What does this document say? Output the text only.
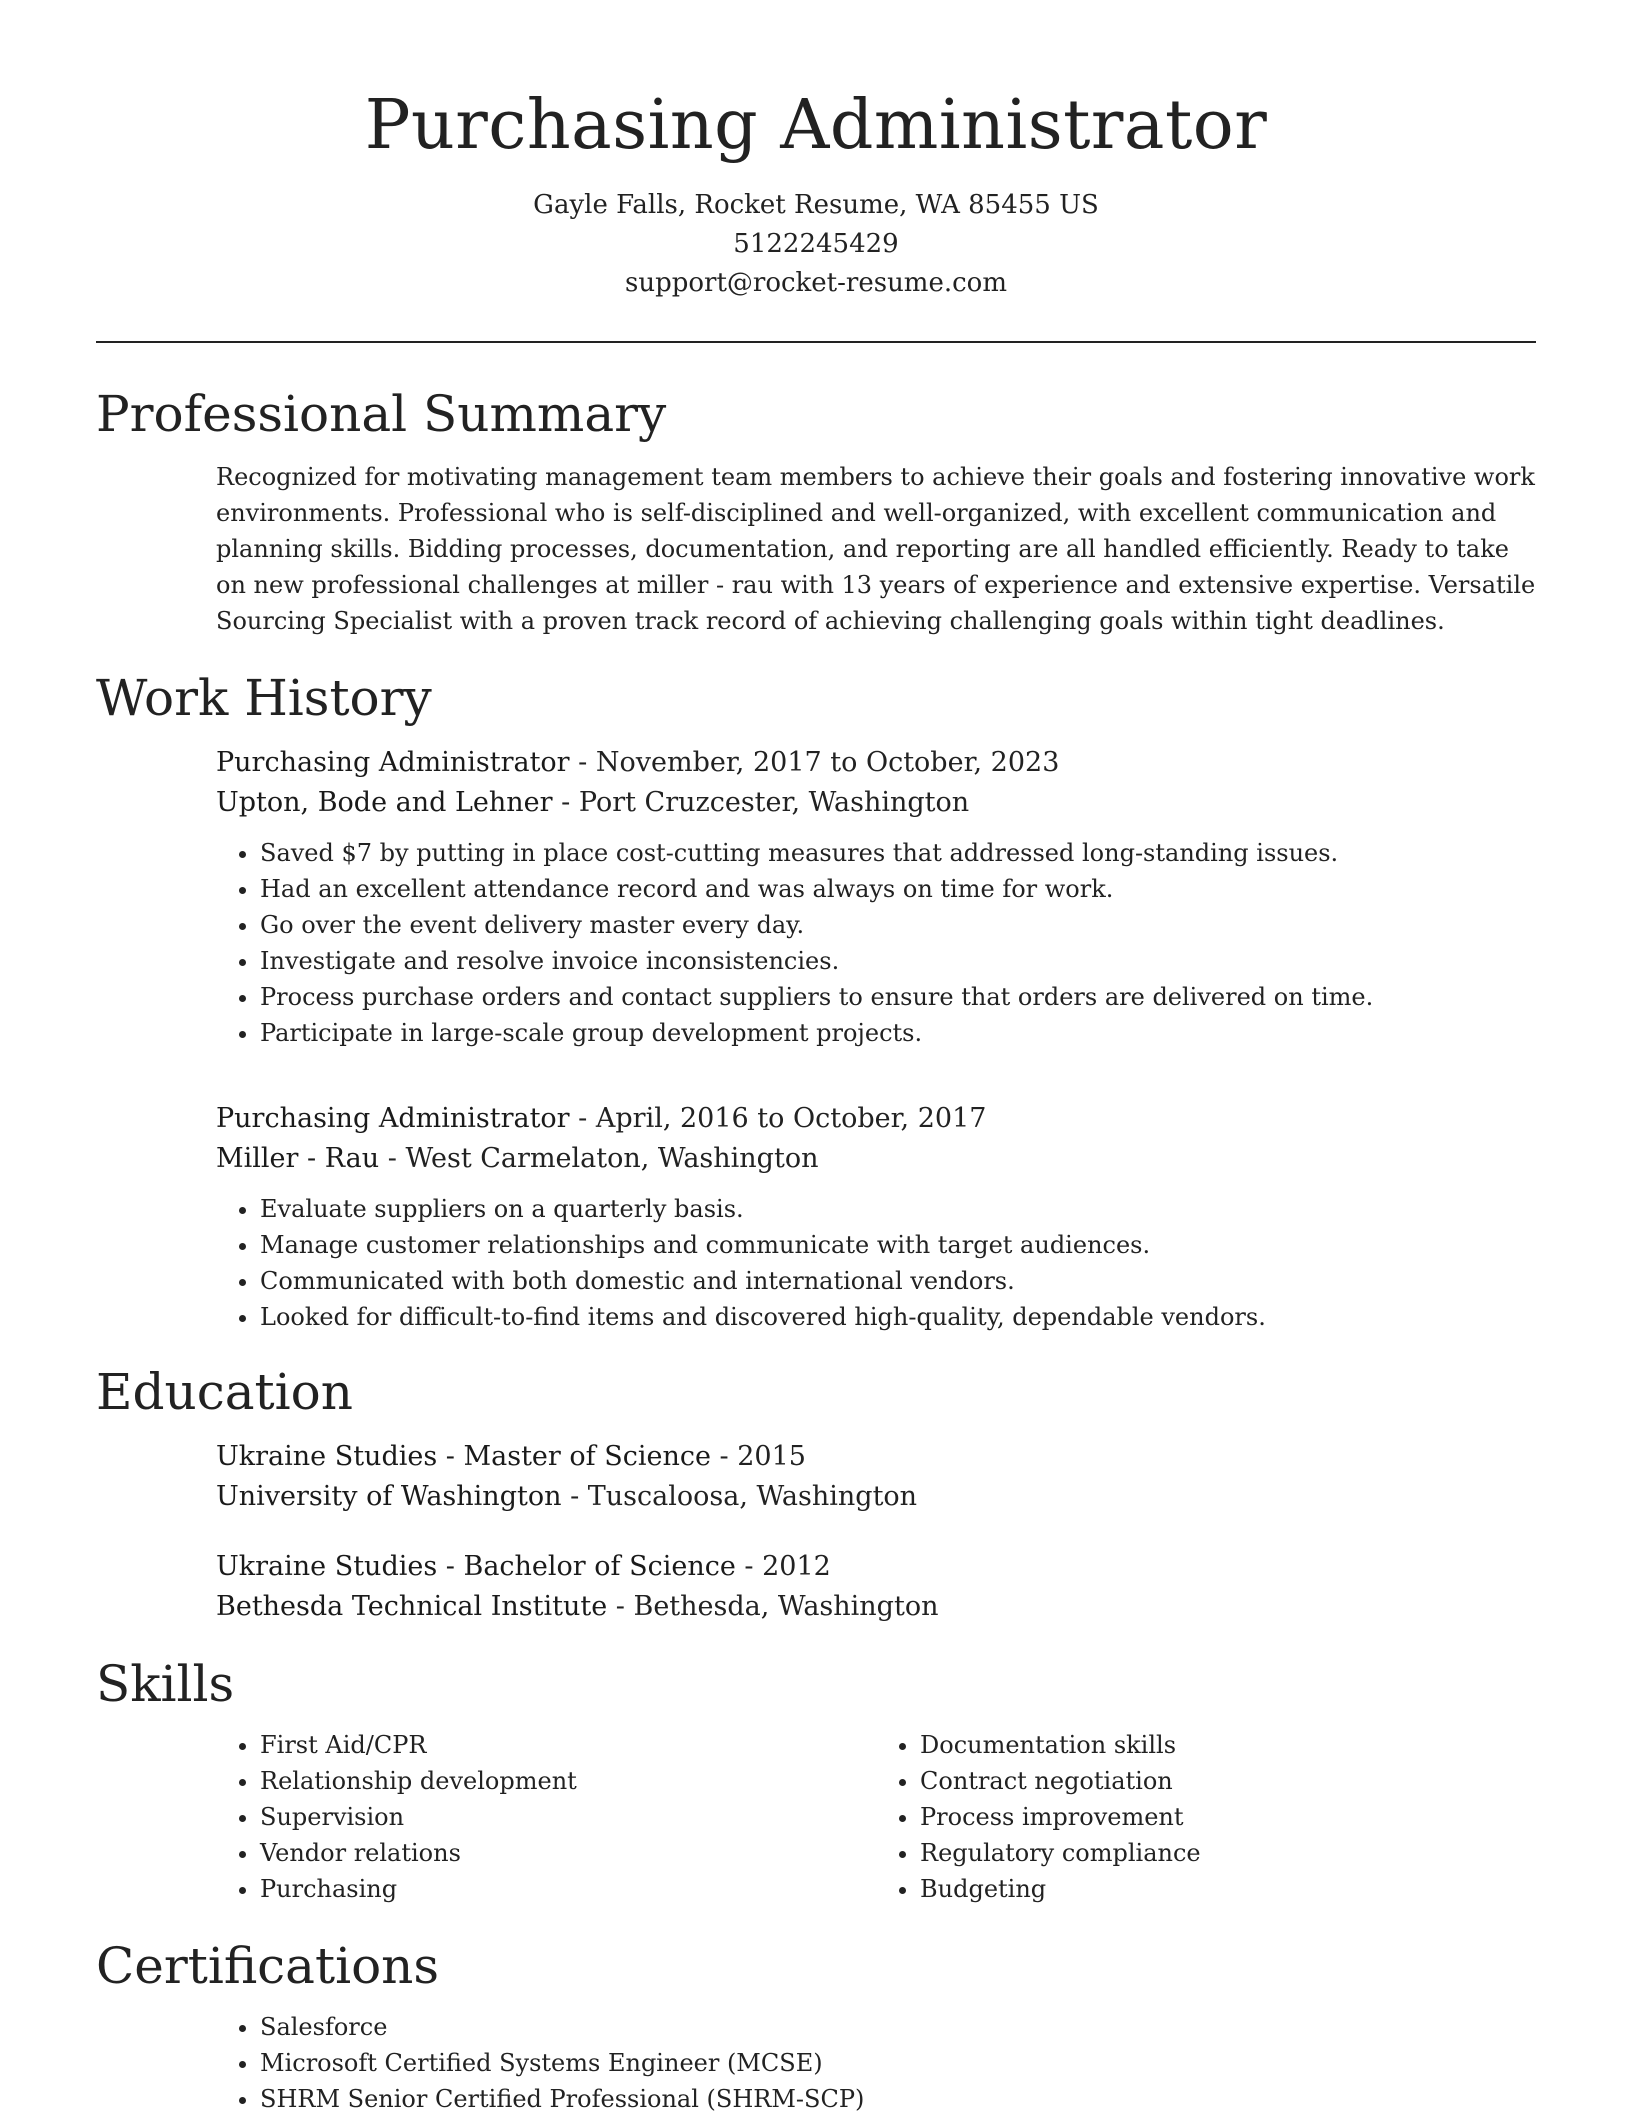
Purchasing Administrator
Gayle Falls, Rocket Resume, WA 85455 US
5122245429
support@rocket-resume.com
Professional Summary
Recognized for motivating management team members to achieve their goals and fostering innovative work environments. Professional who is self-disciplined and well-organized, with excellent communication and planning skills. Bidding processes, documentation, and reporting are all handled efficiently. Ready to take on new professional challenges at miller - rau with 13 years of experience and extensive expertise. Versatile Sourcing Specialist with a proven track record of achieving challenging goals within tight deadlines.
Work History
Purchasing Administrator - November, 2017 to October, 2023
Upton, Bode and Lehner - Port Cruzcester, Washington
• Saved $7 by putting in place cost-cutting measures that addressed long-standing issues.
• Had an excellent attendance record and was always on time for work.
• Go over the event delivery master every day.
• Investigate and resolve invoice inconsistencies.
• Process purchase orders and contact suppliers to ensure that orders are delivered on time.
• Participate in large-scale group development projects.
Purchasing Administrator - April, 2016 to October, 2017
Miller - Rau - West Carmelaton, Washington
• Evaluate suppliers on a quarterly basis.
• Manage customer relationships and communicate with target audiences.
• Communicated with both domestic and international vendors.
• Looked for difficult-to-find items and discovered high-quality, dependable vendors.
Education
Ukraine Studies - Master of Science - 2015
University of Washington - Tuscaloosa, Washington
Ukraine Studies - Bachelor of Science - 2012
Bethesda Technical Institute - Bethesda, Washington
Skills
• First Aid/CPR
• Relationship development
• Supervision
• Vendor relations
• Purchasing
• Documentation skills
• Contract negotiation
• Process improvement
• Regulatory compliance
• Budgeting
Certifications
• Salesforce
• Microsoft Certified Systems Engineer (MCSE)
• SHRM Senior Certified Professional (SHRM-SCP)
